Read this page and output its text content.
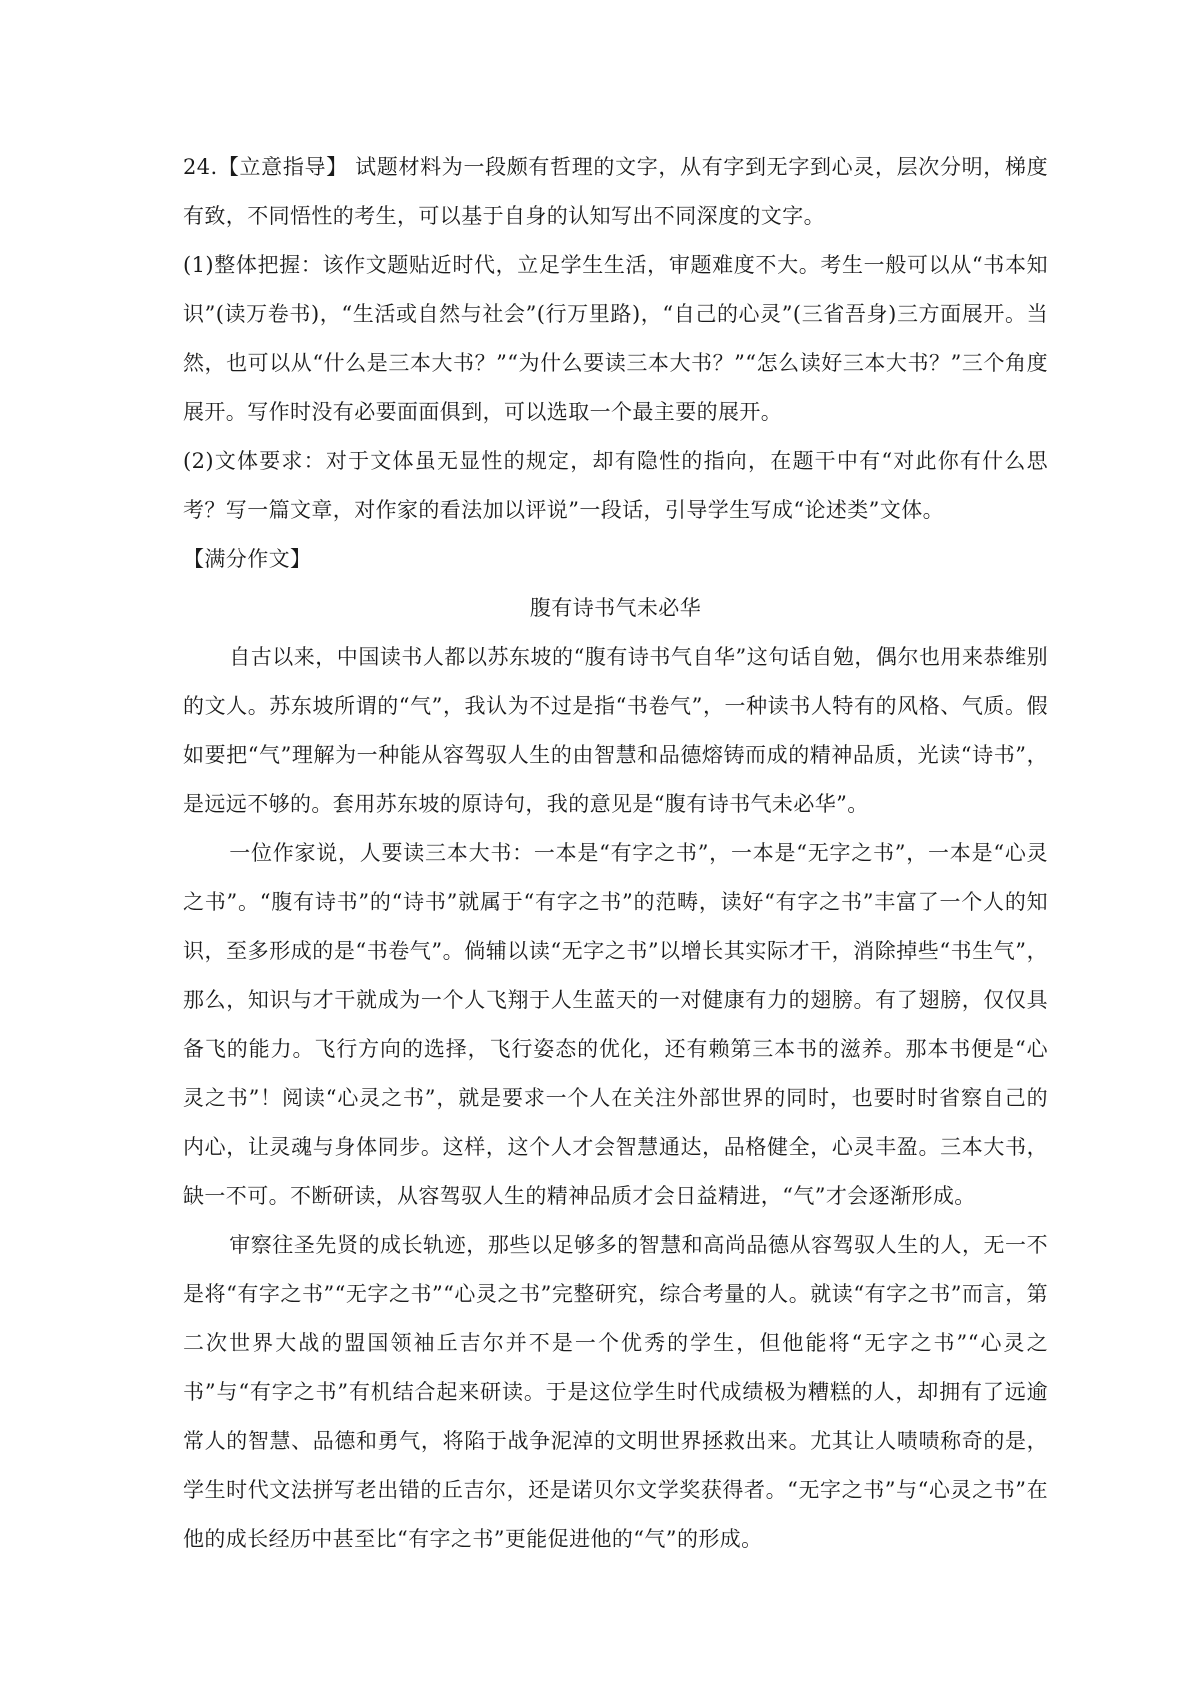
24.【立意指导】 试题材料为一段颇有哲理的文字，从有字到无字到心灵，层次分明，梯度有致，不同悟性的考生，可以基于自身的认知写出不同深度的文字。

(1)整体把握：该作文题贴近时代，立足学生生活，审题难度不大。考生一般可以从“书本知识”(读万卷书)，“生活或自然与社会”(行万里路)，“自己的心灵”(三省吾身)三方面展开。当然，也可以从“什么是三本大书？”“为什么要读三本大书？”“怎么读好三本大书？”三个角度展开。写作时没有必要面面俱到，可以选取一个最主要的展开。

(2)文体要求：对于文体虽无显性的规定，却有隐性的指向，在题干中有“对此你有什么思考？写一篇文章，对作家的看法加以评说”一段话，引导学生写成“论述类”文体。

【满分作文】

腹有诗书气未必华

自古以来，中国读书人都以苏东坡的“腹有诗书气自华”这句话自勉，偶尔也用来恭维别的文人。苏东坡所谓的“气”，我认为不过是指“书卷气”，一种读书人特有的风格、气质。假如要把“气”理解为一种能从容驾驭人生的由智慧和品德熔铸而成的精神品质，光读“诗书”，是远远不够的。套用苏东坡的原诗句，我的意见是“腹有诗书气未必华”。

一位作家说，人要读三本大书：一本是“有字之书”，一本是“无字之书”，一本是“心灵之书”。“腹有诗书”的“诗书”就属于“有字之书”的范畴，读好“有字之书”丰富了一个人的知识，至多形成的是“书卷气”。倘辅以读“无字之书”以增长其实际才干，消除掉些“书生气”，那么，知识与才干就成为一个人飞翔于人生蓝天的一对健康有力的翅膀。有了翅膀，仅仅具备飞的能力。飞行方向的选择，飞行姿态的优化，还有赖第三本书的滋养。那本书便是“心灵之书”！阅读“心灵之书”，就是要求一个人在关注外部世界的同时，也要时时省察自己的内心，让灵魂与身体同步。这样，这个人才会智慧通达，品格健全，心灵丰盈。三本大书，缺一不可。不断研读，从容驾驭人生的精神品质才会日益精进，“气”才会逐渐形成。

审察往圣先贤的成长轨迹，那些以足够多的智慧和高尚品德从容驾驭人生的人，无一不是将“有字之书”“无字之书”“心灵之书”完整研究，综合考量的人。就读“有字之书”而言，第二次世界大战的盟国领袖丘吉尔并不是一个优秀的学生，但他能将“无字之书”“心灵之书”与“有字之书”有机结合起来研读。于是这位学生时代成绩极为糟糕的人，却拥有了远逾常人的智慧、品德和勇气，将陷于战争泥淖的文明世界拯救出来。尤其让人啧啧称奇的是，学生时代文法拼写老出错的丘吉尔，还是诺贝尔文学奖获得者。“无字之书”与“心灵之书”在他的成长经历中甚至比“有字之书”更能促进他的“气”的形成。
